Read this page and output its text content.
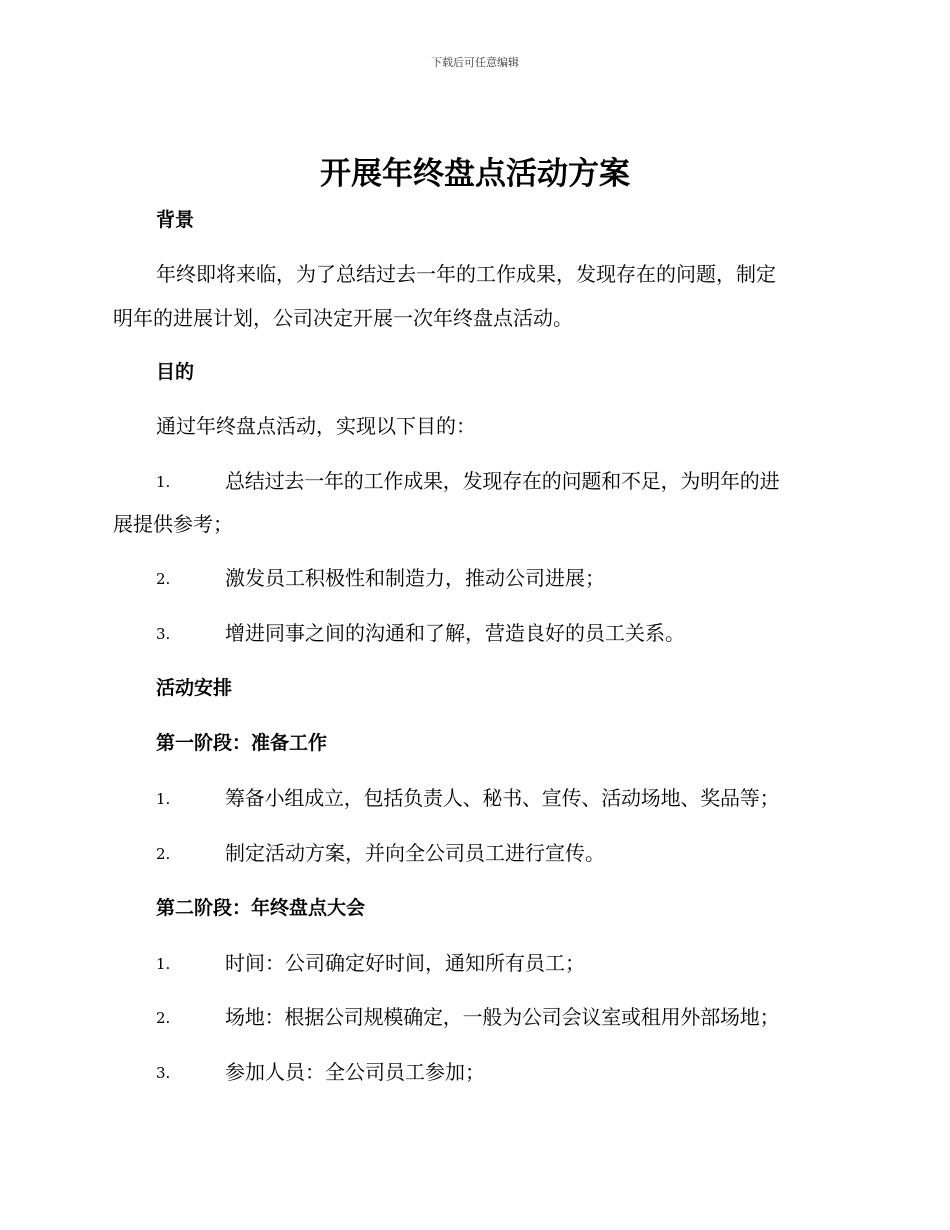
下载后可任意编辑
开展年终盘点活动方案
背景
年终即将来临，为了总结过去一年的工作成果，发现存在的问题，制定
明年的进展计划，公司决定开展一次年终盘点活动。
目的
通过年终盘点活动，实现以下目的：
1.	总结过去一年的工作成果，发现存在的问题和不足，为明年的进
展提供参考；
2.	激发员工积极性和制造力，推动公司进展；
3.	增进同事之间的沟通和了解，营造良好的员工关系。
活动安排
第一阶段：准备工作
1.	筹备小组成立，包括负责人、秘书、宣传、活动场地、奖品等；
2.	制定活动方案，并向全公司员工进行宣传。
第二阶段：年终盘点大会
1.	时间：公司确定好时间，通知所有员工；
2.	场地：根据公司规模确定，一般为公司会议室或租用外部场地；
3.	参加人员：全公司员工参加；
